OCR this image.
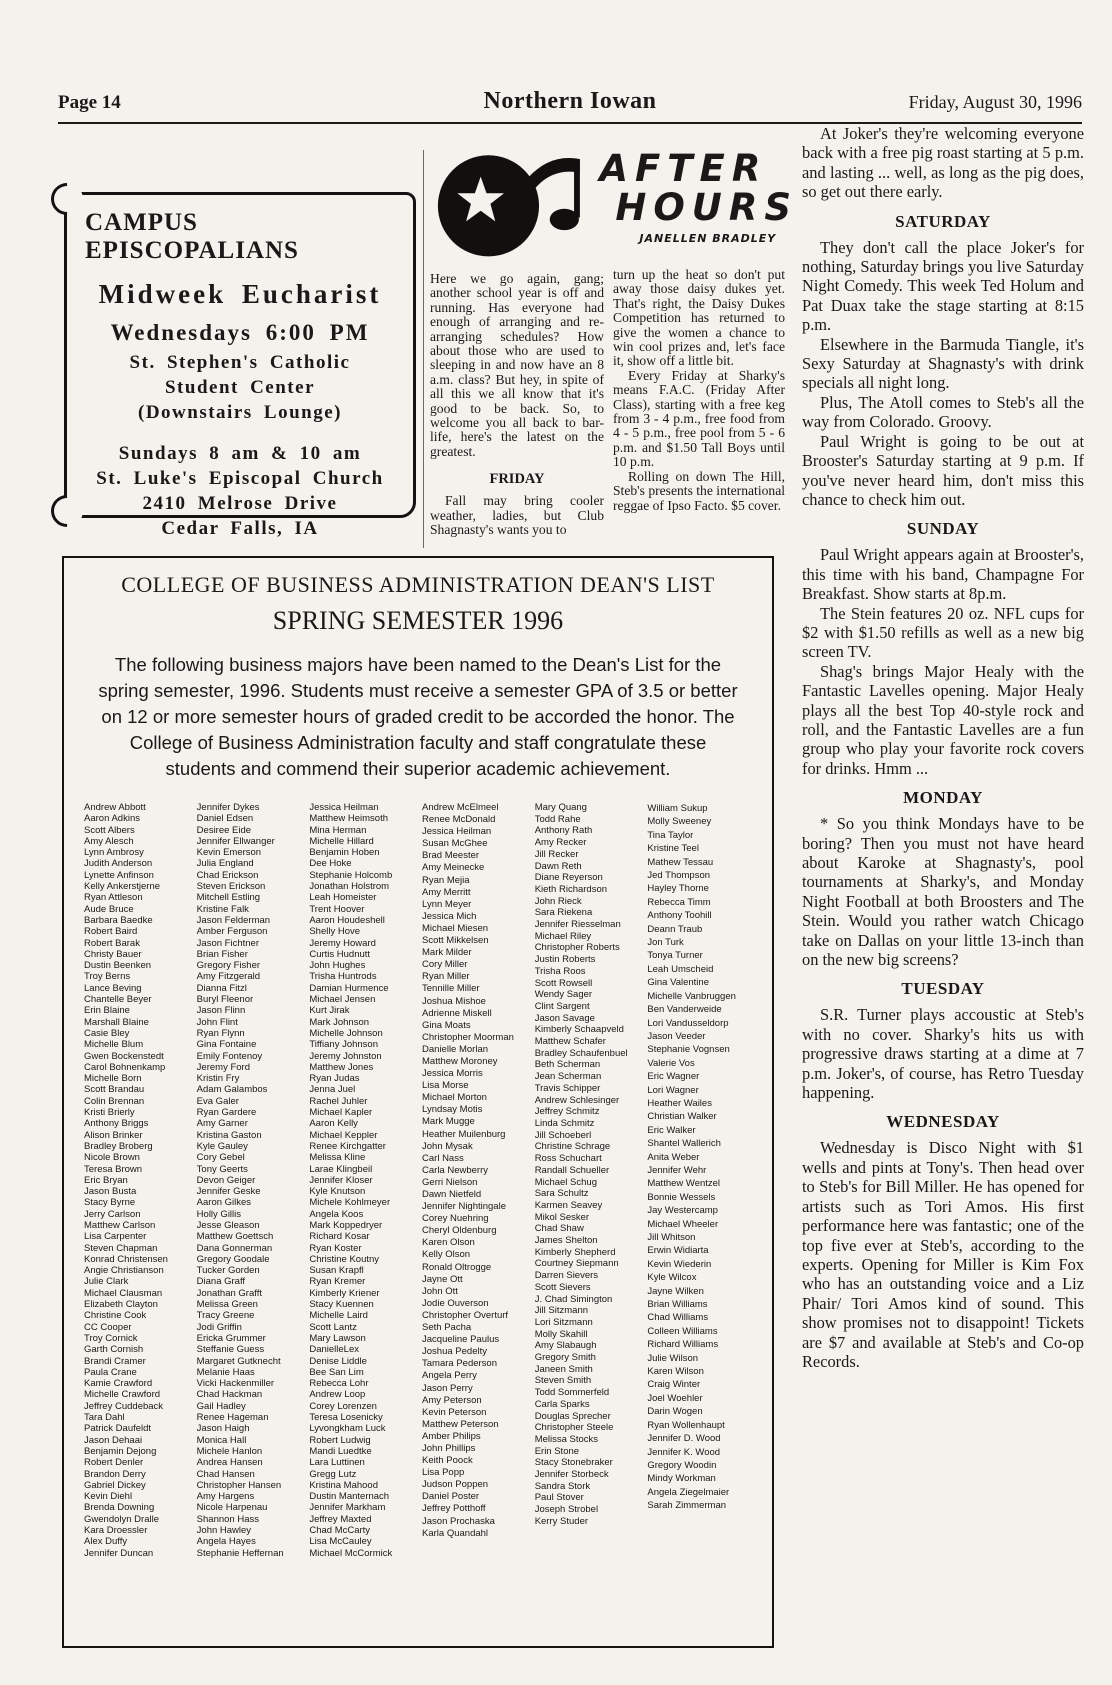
Page 14	Northern Iowan	Friday, August 30, 1996
CAMPUS EPISCOPALIANS
Midweek Eucharist
Wednesdays 6:00 PM
St. Stephen's Catholic
Student Center
(Downstairs Lounge)
Sundays 8 am & 10 am
St. Luke's Episcopal Church
2410 Melrose Drive
Cedar Falls, IA
AFTER
HOURS
JANELLEN BRADLEY

Here we go again, gang; another school year is off and running. Has everyone had enough of arranging and re-arranging schedules? How about those who are used to sleeping in and now have an 8 a.m. class? But hey, in spite of all this we all know that it's good to be back. So, to welcome you all back to bar-life, here's the latest on the greatest.

FRIDAY

Fall may bring cooler weather, ladies, but Club Shagnasty's wants you to

turn up the heat so don't put away those daisy dukes yet. That's right, the Daisy Dukes Competition has returned to give the women a chance to win cool prizes and, let's face it, show off a little bit.

Every Friday at Sharky's means F.A.C. (Friday After Class), starting with a free keg from 3 - 4 p.m., free food from 4 - 5 p.m., free pool from 5 - 6 p.m. and $1.50 Tall Boys until 10 p.m.

Rolling on down The Hill, Steb's presents the international reggae of Ipso Facto. $5 cover.

At Joker's they're welcoming everyone back with a free pig roast starting at 5 p.m. and lasting ... well, as long as the pig does, so get out there early.

SATURDAY

They don't call the place Joker's for nothing, Saturday brings you live Saturday Night Comedy. This week Ted Holum and Pat Duax take the stage starting at 8:15 p.m.

Elsewhere in the Barmuda Tiangle, it's Sexy Saturday at Shagnasty's with drink specials all night long.

Plus, The Atoll comes to Steb's all the way from Colorado. Groovy.

Paul Wright is going to be out at Brooster's Saturday starting at 9 p.m. If you've never heard him, don't miss this chance to check him out.

SUNDAY

Paul Wright appears again at Brooster's, this time with his band, Champagne For Breakfast. Show starts at 8p.m.

The Stein features 20 oz. NFL cups for $2 with $1.50 refills as well as a new big screen TV.

Shag's brings Major Healy with the Fantastic Lavelles opening. Major Healy plays all the best Top 40-style rock and roll, and the Fantastic Lavelles are a fun group who play your favorite rock covers for drinks. Hmm ...

MONDAY

* So you think Mondays have to be boring? Then you must not have heard about Karoke at Shagnasty's, pool tournaments at Sharky's, and Monday Night Football at both Broosters and The Stein. Would you rather watch Chicago take on Dallas on your little 13-inch than on the new big screens?

TUESDAY

S.R. Turner plays accoustic at Steb's with no cover. Sharky's hits us with progressive draws starting at a dime at 7 p.m. Joker's, of course, has Retro Tuesday happening.

WEDNESDAY

Wednesday is Disco Night with $1 wells and pints at Tony's. Then head over to Steb's for Bill Miller. He has opened for artists such as Tori Amos. His first performance here was fantastic; one of the top five ever at Steb's, according to the experts. Opening for Miller is Kim Fox who has an outstanding voice and a Liz Phair/ Tori Amos kind of sound. This show promises not to disappoint! Tickets are $7 and available at Steb's and Co-op Records.

COLLEGE OF BUSINESS ADMINISTRATION DEAN'S LIST
SPRING SEMESTER 1996
The following business majors have been named to the Dean's List for the spring semester, 1996. Students must receive a semester GPA of 3.5 or better on 12 or more semester hours of graded credit to be accorded the honor. The College of Business Administration faculty and staff congratulate these students and commend their superior academic achievement.
Andrew Abbott
Aaron Adkins
Scott Albers
Amy Alesch
Lynn Ambrosy
Judith Anderson
Lynette Anfinson
Kelly Ankerstjerne
Ryan Attleson
Aude Bruce
Barbara Baedke
Robert Baird
Robert Barak
Christy Bauer
Dustin Beenken
Troy Berns
Lance Beving
Chantelle Beyer
Erin Blaine
Marshall Blaine
Casie Bley
Michelle Blum
Gwen Bockenstedt
Carol Bohnenkamp
Michelle Born
Scott Brandau
Colin Brennan
Kristi Brierly
Anthony Briggs
Alison Brinker
Bradley Broberg
Nicole Brown
Teresa Brown
Eric Bryan
Jason Busta
Stacy Byrne
Jerry Carlson
Matthew Carlson
Lisa Carpenter
Steven Chapman
Konrad Christensen
Angie Christianson
Julie Clark
Michael Clausman
Elizabeth Clayton
Christine Cook
CC Cooper
Troy Cornick
Garth Cornish
Brandi Cramer
Paula Crane
Kamie Crawford
Michelle Crawford
Jeffrey Cuddeback
Tara Dahl
Patrick Daufeldt
Jason Dehaai
Benjamin Dejong
Robert Denler
Brandon Derry
Gabriel Dickey
Kevin Diehl
Brenda Downing
Gwendolyn Dralle
Kara Droessler
Alex Duffy
Jennifer Duncan
Jennifer Dykes
Daniel Edsen
Desiree Eide
Jennifer Ellwanger
Kevin Emerson
Julia England
Chad Erickson
Steven Erickson
Mitchell Estling
Kristine Falk
Jason Felderman
Amber Ferguson
Jason Fichtner
Brian Fisher
Gregory Fisher
Amy Fitzgerald
Dianna Fitzl
Buryl Fleenor
Jason Flinn
John Flint
Ryan Flynn
Gina Fontaine
Emily Fontenoy
Jeremy Ford
Kristin Fry
Adam Galambos
Eva Galer
Ryan Gardere
Amy Garner
Kristina Gaston
Kyle Gauley
Cory Gebel
Tony Geerts
Devon Geiger
Jennifer Geske
Aaron Gilkes
Holly Gillis
Jesse Gleason
Matthew Goettsch
Dana Gonnerman
Gregory Goodale
Tucker Gorden
Diana Graff
Jonathan Grafft
Melissa Green
Tracy Greene
Jodi Griffin
Ericka Grummer
Steffanie Guess
Margaret Gutknecht
Melanie Haas
Vicki Hackenmiller
Chad Hackman
Gail Hadley
Renee Hageman
Jason Haigh
Monica Hall
Michele Hanlon
Andrea Hansen
Chad Hansen
Christopher Hansen
Amy Hargens
Nicole Harpenau
Shannon Hass
John Hawley
Angela Hayes
Stephanie Heffernan
Jessica Heilman
Matthew Heimsoth
Mina Herman
Michelle Hillard
Benjamin Hoben
Dee Hoke
Stephanie Holcomb
Jonathan Holstrom
Leah Homeister
Trent Hoover
Aaron Houdeshell
Shelly Hove
Jeremy Howard
Curtis Hudnutt
John Hughes
Trisha Huntrods
Damian Hurmence
Michael Jensen
Kurt Jirak
Mark Johnson
Michelle Johnson
Tiffiany Johnson
Jeremy Johnston
Matthew Jones
Ryan Judas
Jenna Juel
Rachel Juhler
Michael Kapler
Aaron Kelly
Michael Keppler
Renee Kirchgatter
Melissa Kline
Larae Klingbeil
Jennifer Kloser
Kyle Knutson
Michele Kohlmeyer
Angela Koos
Mark Koppedryer
Richard Kosar
Ryan Koster
Christine Koutny
Susan Krapfl
Ryan Kremer
Kimberly Kriener
Stacy Kuennen
Michelle Laird
Scott Lantz
Mary Lawson
DanielleLex
Denise Liddle
Bee San Lim
Rebecca Lohr
Andrew Loop
Corey Lorenzen
Teresa Losenicky
Lyvongkham Luck
Robert Ludwig
Mandi Luedtke
Lara Luttinen
Gregg Lutz
Kristina Mahood
Dustin Manternach
Jennifer Markham
Jeffrey Maxted
Chad McCarty
Lisa McCauley
Michael McCormick
Andrew McElmeel
Renee McDonald
Jessica Heilman
Susan McGhee
Brad Meester
Amy Meinecke
Ryan Mejia
Amy Merritt
Lynn Meyer
Jessica Mich
Michael Miesen
Scott Mikkelsen
Mark Milder
Cory Miller
Ryan Miller
Tennille Miller
Joshua Mishoe
Adrienne Miskell
Gina Moats
Christopher Moorman
Danielle Morlan
Matthew Moroney
Jessica Morris
Lisa Morse
Michael Morton
Lyndsay Motis
Mark Mugge
Heather Muilenburg
John Mysak
Carl Nass
Carla Newberry
Gerri Nielson
Dawn Nietfeld
Jennifer Nightingale
Corey Nuehring
Cheryl Oldenburg
Karen Olson
Kelly Olson
Ronald Oltrogge
Jayne Ott
John Ott
Jodie Ouverson
Christopher Overturf
Seth Pacha
Jacqueline Paulus
Joshua Pedelty
Tamara Pederson
Angela Perry
Jason Perry
Amy Peterson
Kevin Peterson
Matthew Peterson
Amber Philips
John Phillips
Keith Poock
Lisa Popp
Judson Poppen
Daniel Poster
Jeffrey Potthoff
Jason Prochaska
Karla Quandahl
Mary Quang
Todd Rahe
Anthony Rath
Amy Recker
Jill Recker
Dawn Reth
Diane Reyerson
Kieth Richardson
John Rieck
Sara Riekena
Jennifer Riesselman
Michael Riley
Christopher Roberts
Justin Roberts
Trisha Roos
Scott Rowsell
Wendy Sager
Clint Sargent
Jason Savage
Kimberly Schaapveld
Matthew Schafer
Bradley Schaufenbuel
Beth Scherman
Jean Scherman
Travis Schipper
Andrew Schlesinger
Jeffrey Schmitz
Linda Schmitz
Jill Schoeberl
Christine Schrage
Ross Schuchart
Randall Schueller
Michael Schug
Sara Schultz
Karmen Seavey
Mikol Sesker
Chad Shaw
James Shelton
Kimberly Shepherd
Courtney Siepmann
Darren Sievers
Scott Sievers
J. Chad Simington
Jill Sitzmann
Lori Sitzmann
Molly Skahill
Amy Slabaugh
Gregory Smith
Janeen Smith
Steven Smith
Todd Sommerfeld
Carla Sparks
Douglas Sprecher
Christopher Steele
Melissa Stocks
Erin Stone
Stacy Stonebraker
Jennifer Storbeck
Sandra Stork
Paul Stover
Joseph Strobel
Kerry Studer
William Sukup
Molly Sweeney
Tina Taylor
Kristine Teel
Mathew Tessau
Jed Thompson
Hayley Thorne
Rebecca Timm
Anthony Toohill
Deann Traub
Jon Turk
Tonya Turner
Leah Umscheid
Gina Valentine
Michelle Vanbruggen
Ben Vanderweide
Lori Vandusseldorp
Jason Veeder
Stephanie Vognsen
Valerie Vos
Eric Wagner
Lori Wagner
Heather Wailes
Christian Walker
Eric Walker
Shantel Wallerich
Anita Weber
Jennifer Wehr
Matthew Wentzel
Bonnie Wessels
Jay Westercamp
Michael Wheeler
Jill Whitson
Erwin Widiarta
Kevin Wiederin
Kyle Wilcox
Jayne Wilken
Brian Williams
Chad Williams
Colleen Williams
Richard Williams
Julie Wilson
Karen Wilson
Craig Winter
Joel Woehler
Darin Wogen
Ryan Wollenhaupt
Jennifer D. Wood
Jennifer K. Wood
Gregory Woodin
Mindy Workman
Angela Ziegelmaier
Sarah Zimmerman
